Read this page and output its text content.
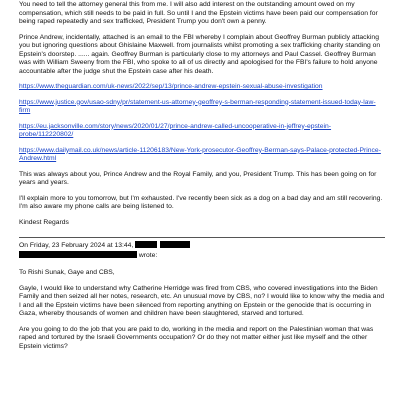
You need to tell the attorney general this from me. I will also add interest on the outstanding amount owed on my compensation, which still needs to be paid in full. So until I and the Epstein victims have been paid our compensation for being raped repeatedly and sex trafficked, President Trump you don't own a penny.

Prince Andrew, incidentally, attached is an email to the FBI whereby I complain about Geoffrey Burman publicly attacking you but ignoring questions about Ghislaine Maxwell. from journalists whilst promoting a sex trafficking charity standing on Epstein's doorstep. ...... again. Geoffrey Burman is particularly close to my attorneys and Paul Cassel. Geoffrey Burman was with William Sweeny from the FBI, who spoke to all of us directly and apologised for the FBI's failure to hold anyone accountable after the judge shut the Epstein case after his death.

https://www.theguardian.com/uk-news/2022/sep/13/prince-andrew-epstein-sexual-abuse-investigation
https://www.justice.gov/usao-sdny/pr/statement-us-attorney-geoffrey-s-berman-responding-statement-issued-today-law-firm
https://eu.jacksonville.com/story/news/2020/01/27/prince-andrew-called-uncooperative-in-jeffrey-epstein-probe/112220802/
https://www.dailymail.co.uk/news/article-11206183/New-York-prosecutor-Geoffrey-Berman-says-Palace-protected-Prince-Andrew.html

This was always about you, Prince Andrew and the Royal Family, and you, President Trump. This has been going on for years and years.

I'll explain more to you tomorrow, but I'm exhausted. I've recently been sick as a dog on a bad day and am still recovering. I'm also aware my phone calls are being listened to.

Kindest Regards

On Friday, 23 February 2024 at 13:44,
wrote:

To Rishi Sunak, Gaye and CBS,

Gayle, I would like to understand why Catherine Herridge was fired from CBS, who covered investigations into the Biden Family and then seized all her notes, research, etc. An unusual move by CBS, no? I would like to know why the media and I and all the Epstein victims have been silenced from reporting anything on Epstein or the genocide that is occurring in Gaza, whereby thousands of women and children have been slaughtered, starved and tortured.

Are you going to do the job that you are paid to do, working in the media and report on the Palestinian woman that was raped and tortured by the Israeli Governments occupation? Or do they not matter either just like myself and the other Epstein victims?
